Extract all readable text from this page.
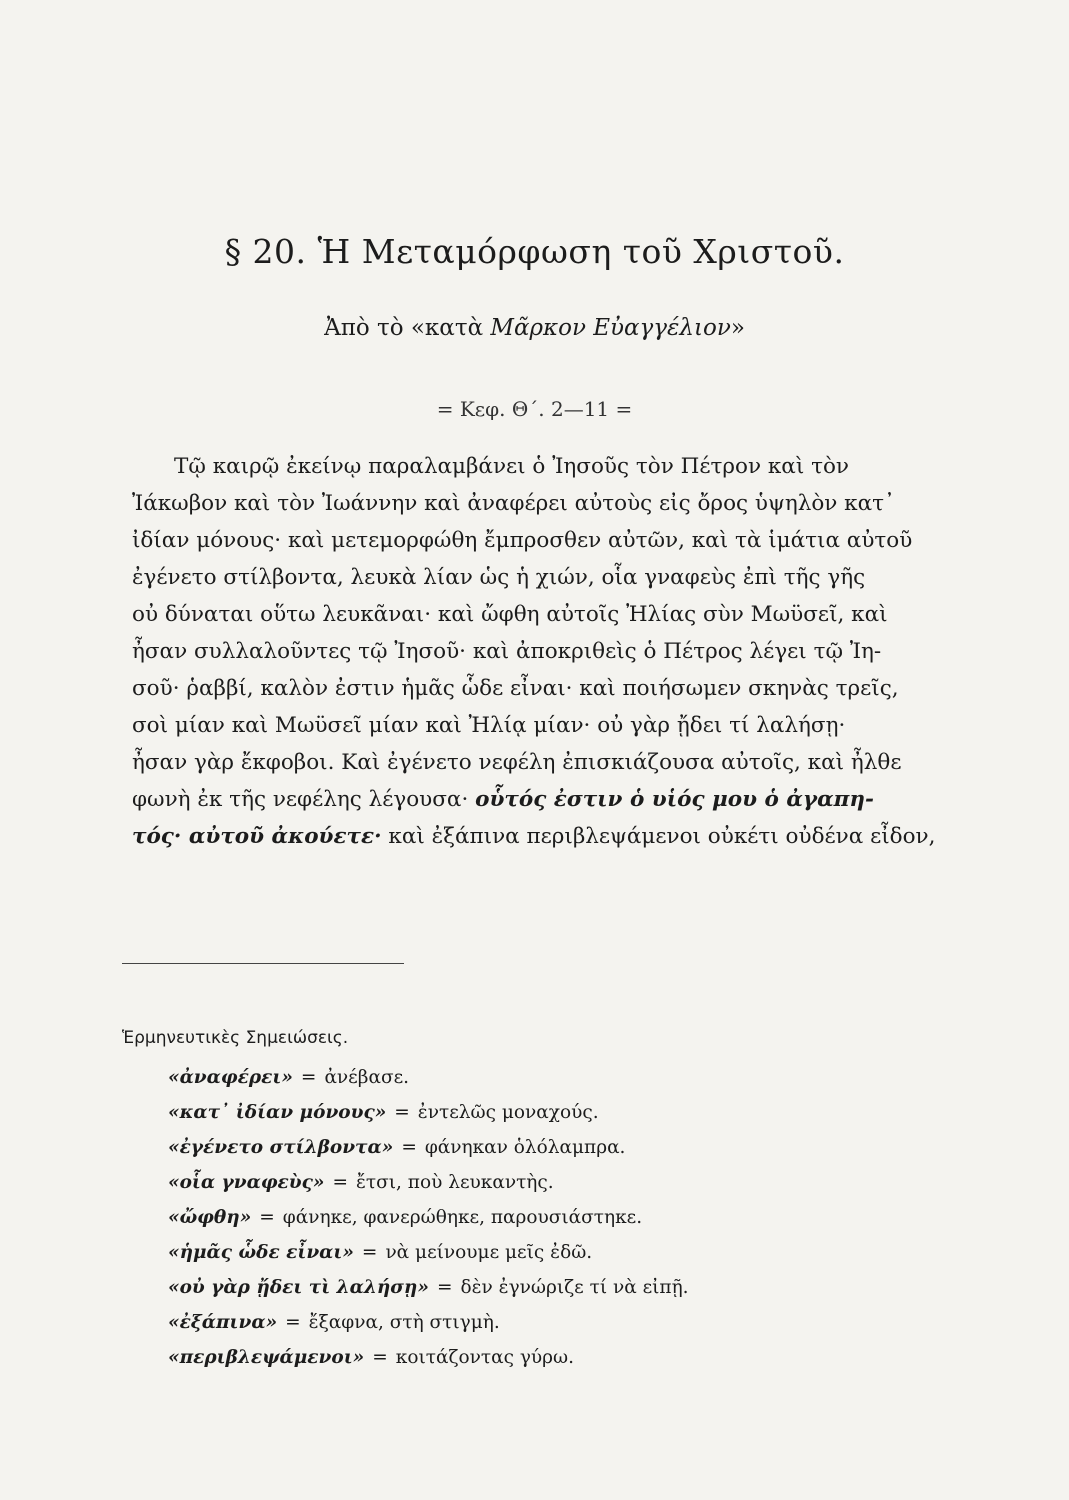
§ 20. Ἡ Μεταμόρφωση τοῦ Χριστοῦ.
Ἀπὸ τὸ «κατὰ Μᾶρκον Εὐαγγέλιον»
= Κεφ. Θ΄. 2—11 =
Τῷ καιρῷ ἐκείνῳ παραλαμβάνει ὁ Ἰησοῦς τὸν Πέτρον καὶ τὸν
Ἰάκωβον καὶ τὸν Ἰωάννην καὶ ἀναφέρει αὐτοὺς εἰς ὄρος ὑψηλὸν κατ᾿
ἰδίαν μόνους· καὶ μετεμορφώθη ἔμπροσθεν αὐτῶν, καὶ τὰ ἱμάτια αὐτοῦ
ἐγένετο στίλβοντα, λευκὰ λίαν ὡς ἡ χιών, οἷα γναφεὺς ἐπὶ τῆς γῆς
οὐ δύναται οὕτω λευκᾶναι· καὶ ὤφθη αὐτοῖς Ἠλίας σὺν Μωϋσεῖ, καὶ
ἦσαν συλλαλοῦντες τῷ Ἰησοῦ· καὶ ἀποκριθεὶς ὁ Πέτρος λέγει τῷ Ἰη-
σοῦ· ῥαββί, καλὸν ἐστιν ἡμᾶς ὧδε εἶναι· καὶ ποιήσωμεν σκηνὰς τρεῖς,
σοὶ μίαν καὶ Μωϋσεῖ μίαν καὶ Ἠλίᾳ μίαν· οὐ γὰρ ᾔδει τί λαλήσῃ·
ἦσαν γὰρ ἔκφοβοι. Καὶ ἐγένετο νεφέλη ἐπισκιάζουσα αὐτοῖς, καὶ ἦλθε
φωνὴ ἐκ τῆς νεφέλης λέγουσα· οὗτός ἐστιν ὁ υἱός μου ὁ ἀγαπη-
τός· αὐτοῦ ἀκούετε· καὶ ἐξάπινα περιβλεψάμενοι οὐκέτι οὐδένα εἶδον,
Ἑρμηνευτικὲς Σημειώσεις.
«ἀναφέρει» = ἀνέβασε.
«κατ᾿ ἰδίαν μόνους» = ἐντελῶς μοναχούς.
«ἐγένετο στίλβοντα» = φάνηκαν ὁλόλαμπρα.
«οἷα γναφεὺς» = ἔτσι, ποὺ λευκαντὴς.
«ὤφθη» = φάνηκε, φανερώθηκε, παρουσιάστηκε.
«ἡμᾶς ὧδε εἶναι» = νὰ μείνουμε μεῖς ἐδῶ.
«οὐ γὰρ ᾔδει τὶ λαλήσῃ» = δὲν ἐγνώριζε τί νὰ εἰπῇ.
«ἐξάπινα» = ἔξαφνα, στὴ στιγμὴ.
«περιβλεψάμενοι» = κοιτάζοντας γύρω.
